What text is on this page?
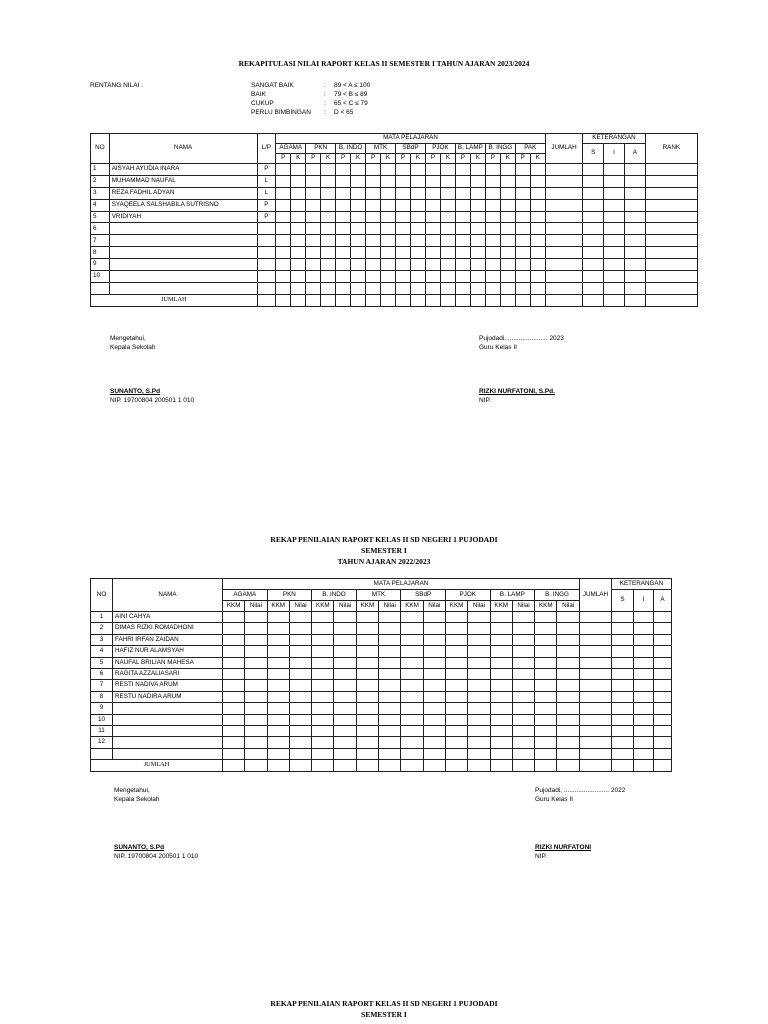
REKAPITULASI NILAI RAPORT KELAS II SEMESTER I TAHUN AJARAN 2023/2024
RENTANG NILAI :	SANGAT BAIK	: 89 < A ≤ 100
BAIK	: 79 < B ≤ 89
CUKUP	: 65 < C ≤ 79
PERLU BIMBINGAN : D < 65
NO	NAMA	L/P	MATA PELAJARAN																		JUMLAH	KETERANGAN			RANK
			AGAMA		PKN		B. INDO		MTK		SBdP		PJOK		B. LAMP		B. INGG		PAK			S	I	A	
			P	K	P	K	P	K	P	K	P	K	P	K	P	K	P	K	P	K					
1	AISYAH AYUDIA INARA	P																							
2	MUHAMMAD NAUFAL	L																							
3	REZA FADHIL ADYAN	L																							
4	SYAQEELA SALSHABILA SUTRISNO	P																							
5	VRIDIYAH	P																							
6																									
7																									
8																									
9																									
10																									

JUMLAH																									
Mengetahui,
Kepala Sekolah
Pujodadi, ...................... 2023
Guru Kelas II
SUNANTO, S.Pd
NIP. 19700804 200501 1 010
RIZKI NURFATONI, S.Pd.
NIP.
REKAP PENILAIAN RAPORT KELAS II SD NEGERI 1 PUJODADI
SEMESTER I
TAHUN AJARAN 2022/2023
NO	NAMA	MATA PELAJARAN																JUMLAH	KETERANGAN		
		AGAMA		PKN		B. INDO		MTK		SBdP		PJOK		B. LAMP		B. INGG			S	I	A
		KKM	Nilai	KKM	Nilai	KKM	Nilai	KKM	Nilai	KKM	Nilai	KKM	Nilai	KKM	Nilai	KKM	Nilai				
1	AINI CAHYA																				
2	DIMAS RIZKI ROMADHONI																				
3	FAHRI IRFAN ZAIDAN																				
4	HAFIZ NUR ALAMSYAH																				
5	NAUFAL BRILIAN MAHESA																				
6	RAGITA AZZALIASARI																				
7	RESTI NADIVA ARUM																				
8	RESTU NADIRA ARUM																				
9																					
10																					
11																					
12																					

JUMLAH																					
Mengetahui,
Kepala Sekolah
Pujodadi, ......................... 2022
Guru Kelas II
SUNANTO, S.Pd
NIP. 19700804 200501 1 010
RIZKI NURFATONI
NIP.
REKAP PENILAIAN RAPORT KELAS II SD NEGERI 1 PUJODADI
SEMESTER I
